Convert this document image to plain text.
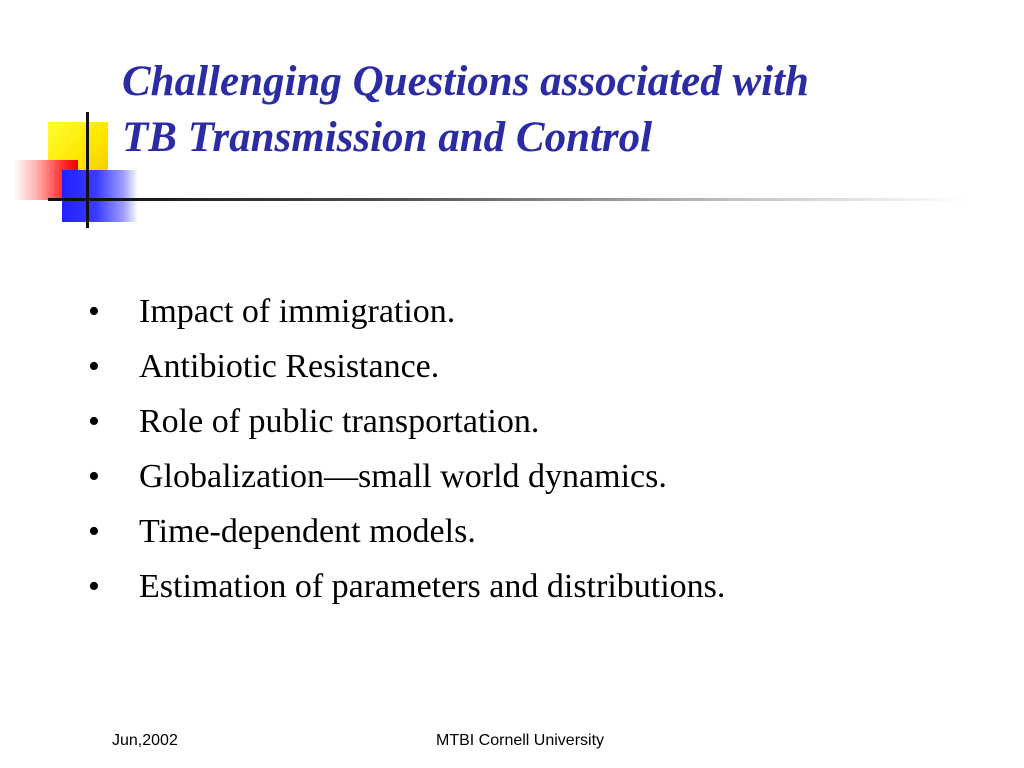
Challenging Questions associated with
TB Transmission and Control
•	Impact of immigration.
•	Antibiotic Resistance.
•	Role of public transportation.
•	Globalization—small world dynamics.
•	Time-dependent models.
•	Estimation of parameters and distributions.
Jun,2002	MTBI Cornell University
